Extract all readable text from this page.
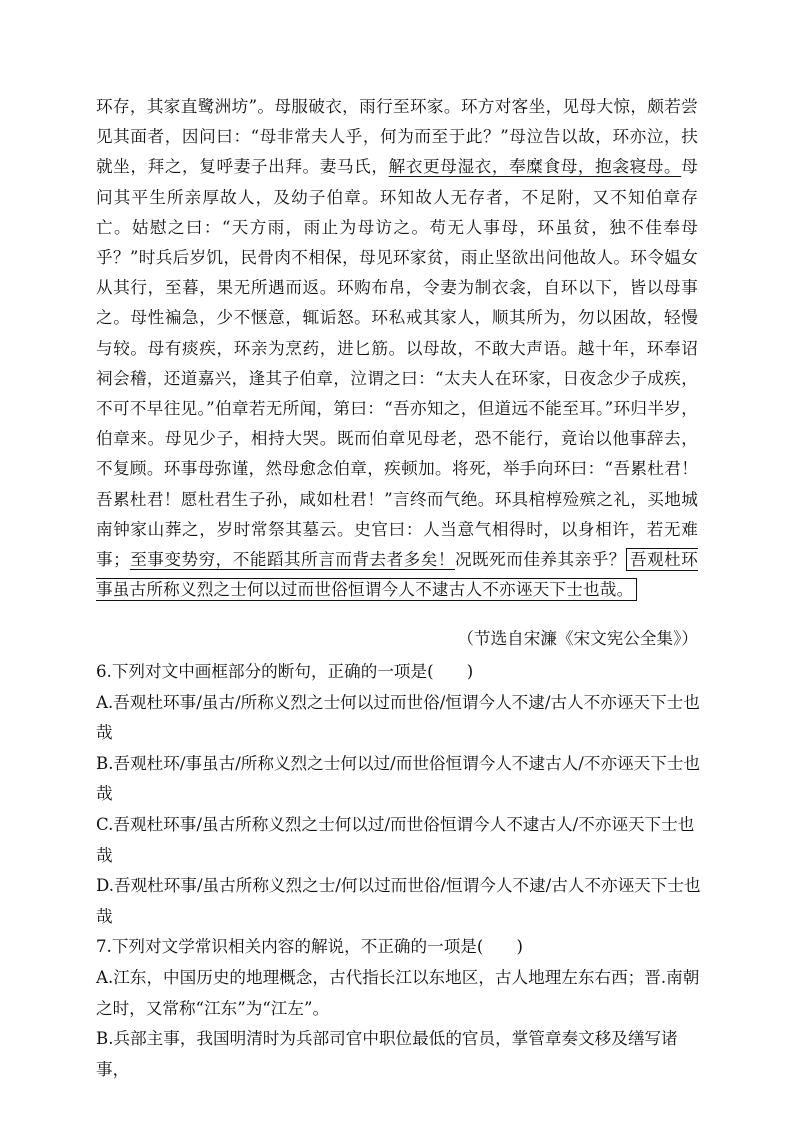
环存，其家直鹭洲坊”。母服破衣，雨行至环家。环方对客坐，见母大惊，颇若尝见其面者，因问曰：“母非常夫人乎，何为而至于此？”母泣告以故，环亦泣，扶就坐，拜之，复呼妻子出拜。妻马氏，解衣更母湿衣，奉糜食母，抱衾寝母。母问其平生所亲厚故人，及幼子伯章。环知故人无存者，不足附，又不知伯章存亡。姑慰之曰：“天方雨，雨止为母访之。苟无人事母，环虽贫，独不佳奉母乎？”时兵后岁饥，民骨肉不相保，母见环家贫，雨止坚欲出问他故人。环令媪女从其行，至暮，果无所遇而返。环购布帛，令妻为制衣衾，自环以下，皆以母事之。母性褊急，少不惬意，辄诟怒。环私戒其家人，顺其所为，勿以困故，轻慢与较。母有痰疾，环亲为烹药，进匕筋。以母故，不敢大声语。越十年，环奉诏祠会稽，还道嘉兴，逢其子伯章，泣谓之曰：“太夫人在环家，日夜念少子成疾，不可不早往见。”伯章若无所闻，第曰：“吾亦知之，但道远不能至耳。”环归半岁，伯章来。母见少子，相持大哭。既而伯章见母老，恐不能行，竟诒以他事辞去，不复顾。环事母弥谨，然母愈念伯章，疾顿加。将死，举手向环曰：“吾累杜君！吾累杜君！愿杜君生子孙，咸如杜君！”言终而气绝。环具棺椁殓殡之礼，买地城南钟家山葬之，岁时常祭其墓云。史官曰：人当意气相得时，以身相许，若无难事；至事变势穷，不能蹈其所言而背去者多矣！况既死而佳养其亲乎？ 吾观杜环事虽古所称义烈之士何以过而世俗恒谓今人不逮古人不亦诬天下士也哉。

（节选自宋濂《宋文宪公全集》）

6.下列对文中画框部分的断句，正确的一项是(　　)

A.吾观杜环事/虽古/所称义烈之士何以过而世俗/恒谓今人不逮/古人不亦诬天下士也哉

B.吾观杜环/事虽古/所称义烈之士何以过/而世俗恒谓今人不逮古人/不亦诬天下士也哉

C.吾观杜环事/虽古所称义烈之士何以过/而世俗恒谓今人不逮古人/不亦诬天下士也哉

D.吾观杜环事/虽古所称义烈之士/何以过而世俗/恒谓今人不逮/古人不亦诬天下士也哉

7.下列对文学常识相关内容的解说，不正确的一项是(　　)

A.江东，中国历史的地理概念，古代指长江以东地区，古人地理左东右西；晋.南朝之时，又常称“江东”为“江左”。

B.兵部主事，我国明清时为兵部司官中职位最低的官员，掌管章奏文移及缮写诸事，
